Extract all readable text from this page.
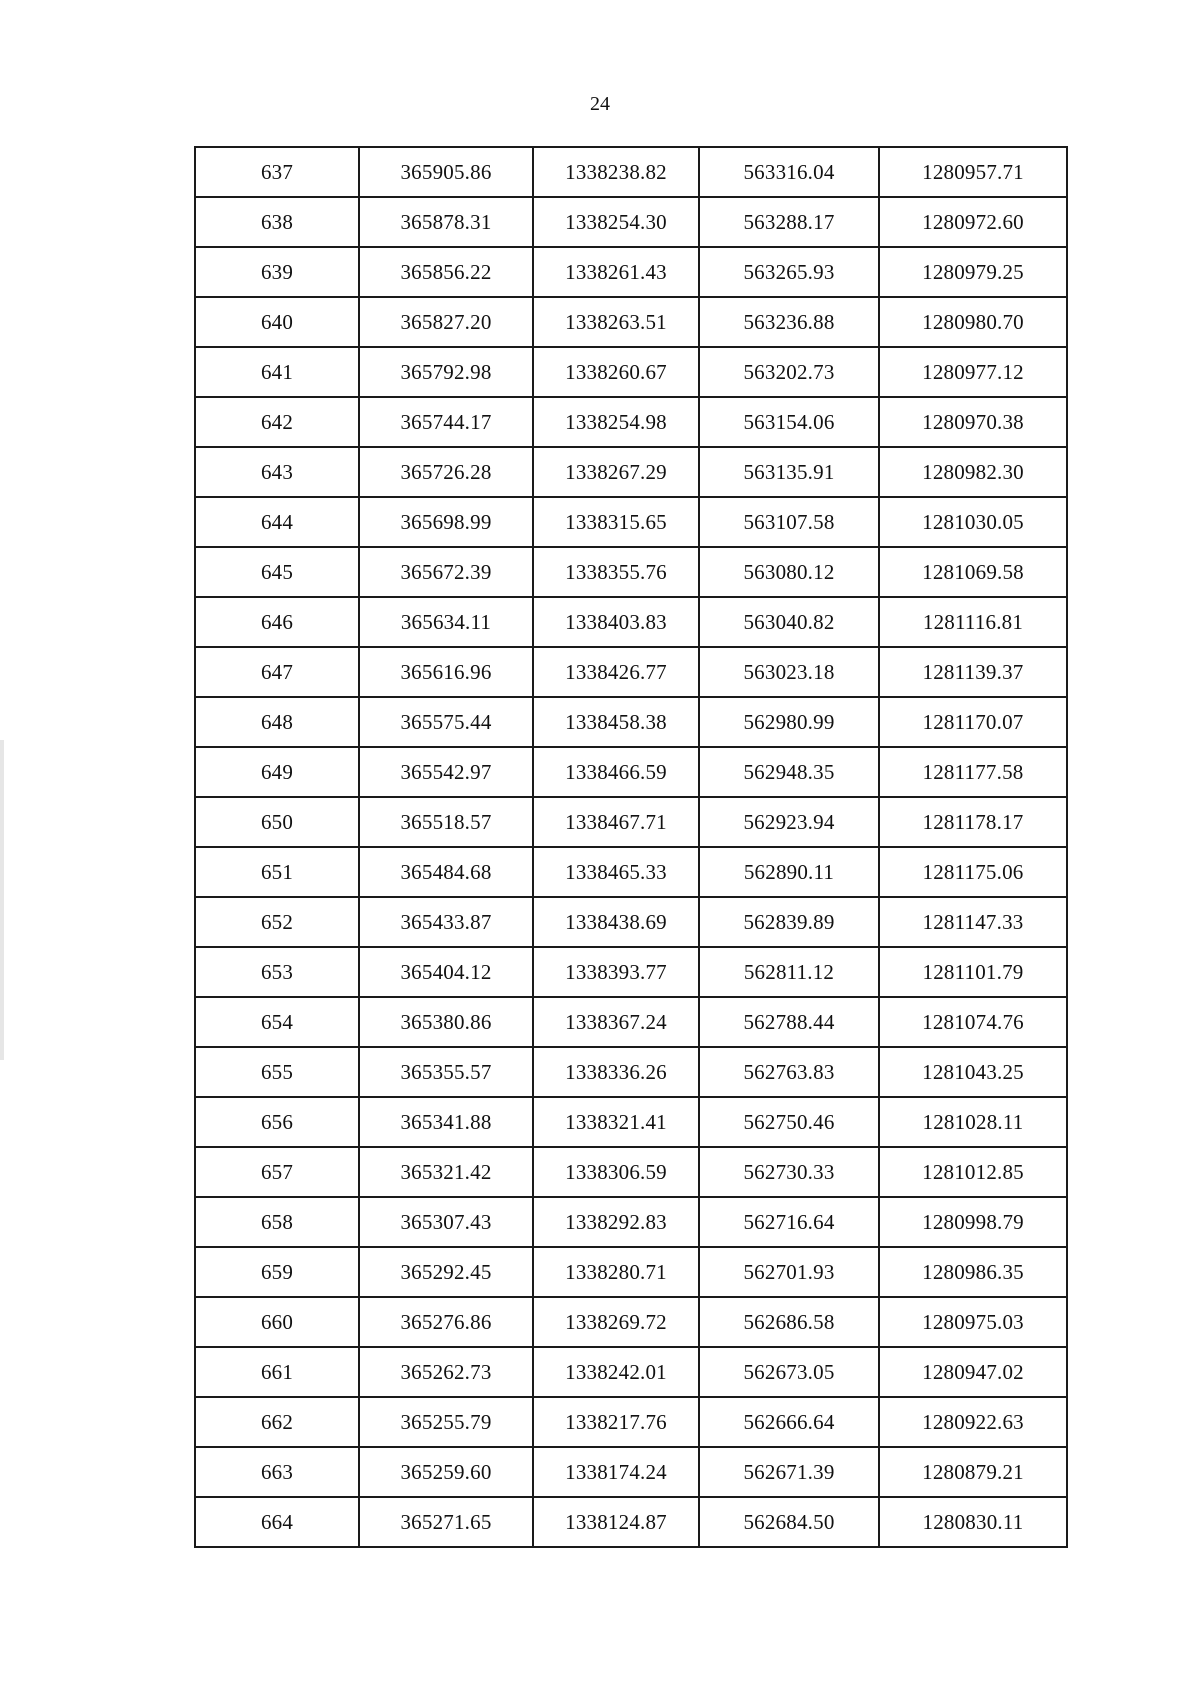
24
637	365905.86	1338238.82	563316.04	1280957.71
638	365878.31	1338254.30	563288.17	1280972.60
639	365856.22	1338261.43	563265.93	1280979.25
640	365827.20	1338263.51	563236.88	1280980.70
641	365792.98	1338260.67	563202.73	1280977.12
642	365744.17	1338254.98	563154.06	1280970.38
643	365726.28	1338267.29	563135.91	1280982.30
644	365698.99	1338315.65	563107.58	1281030.05
645	365672.39	1338355.76	563080.12	1281069.58
646	365634.11	1338403.83	563040.82	1281116.81
647	365616.96	1338426.77	563023.18	1281139.37
648	365575.44	1338458.38	562980.99	1281170.07
649	365542.97	1338466.59	562948.35	1281177.58
650	365518.57	1338467.71	562923.94	1281178.17
651	365484.68	1338465.33	562890.11	1281175.06
652	365433.87	1338438.69	562839.89	1281147.33
653	365404.12	1338393.77	562811.12	1281101.79
654	365380.86	1338367.24	562788.44	1281074.76
655	365355.57	1338336.26	562763.83	1281043.25
656	365341.88	1338321.41	562750.46	1281028.11
657	365321.42	1338306.59	562730.33	1281012.85
658	365307.43	1338292.83	562716.64	1280998.79
659	365292.45	1338280.71	562701.93	1280986.35
660	365276.86	1338269.72	562686.58	1280975.03
661	365262.73	1338242.01	562673.05	1280947.02
662	365255.79	1338217.76	562666.64	1280922.63
663	365259.60	1338174.24	562671.39	1280879.21
664	365271.65	1338124.87	562684.50	1280830.11
